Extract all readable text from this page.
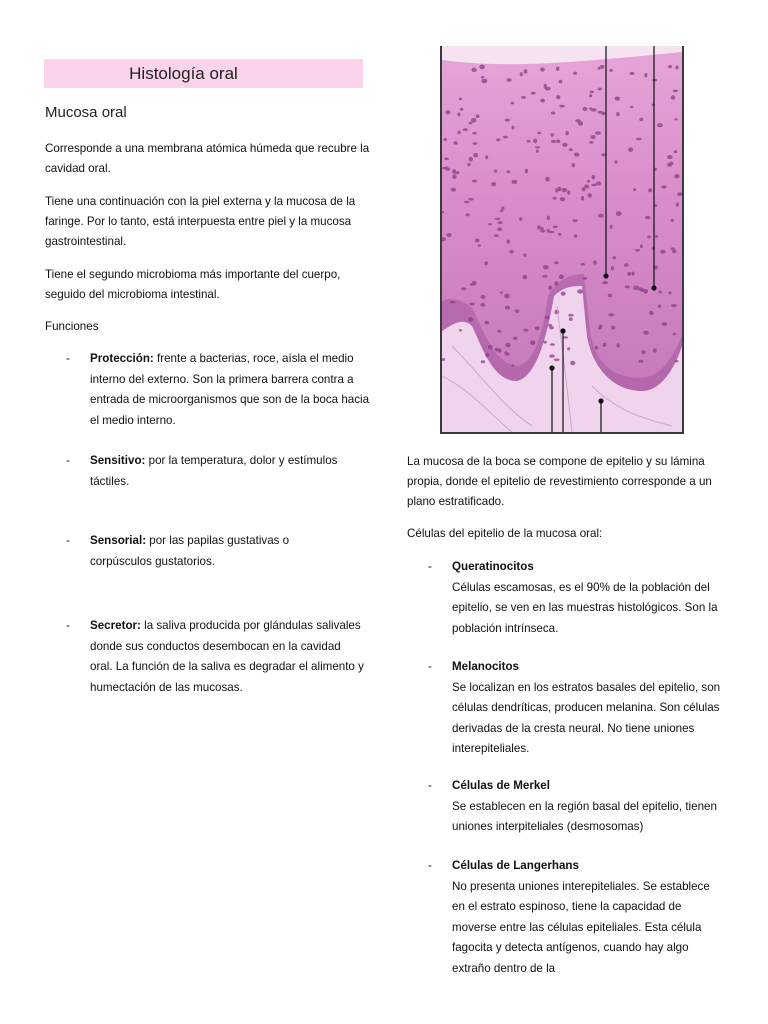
Histología oral
Mucosa oral
Corresponde a una membrana atómica húmeda que recubre la cavidad oral.
Tiene una continuación con la piel externa y la mucosa de la faringe. Por lo tanto, está interpuesta entre piel y la mucosa gastrointestinal.
Tiene el segundo microbioma más importante del cuerpo, seguido del microbioma intestinal.
Funciones
-	Protección: frente a bacterias, roce, aísla el medio interno del externo. Son la primera barrera contra a entrada de microorganismos que son de la boca hacia el medio interno.
-	Sensitivo: por la temperatura, dolor y estímulos táctiles.
-	Sensorial: por las papilas gustativas o corpúsculos gustatorios.
-	Secretor: la saliva producida por glándulas salivales donde sus conductos desembocan en la cavidad oral. La función de la saliva es degradar el alimento y humectación de las mucosas.
La mucosa de la boca se compone de epitelio y su lámina propia, donde el epitelio de revestimiento corresponde a un plano estratificado.
Células del epitelio de la mucosa oral:
-	Queratinocitos
Células escamosas, es el 90% de la población del epitelio, se ven en las muestras histológicos. Son la población intrínseca.
-	Melanocitos
Se localizan en los estratos basales del epitelio, son células dendríticas, producen melanina. Son células derivadas de la cresta neural. No tiene uniones interepiteliales.
-	Células de Merkel
Se establecen en la región basal del epitelio, tienen uniones interpiteliales (desmosomas)
-	Células de Langerhans
No presenta uniones interepiteliales. Se establece en el estrato espinoso, tiene la capacidad de moverse entre las células epiteliales. Esta célula fagocita y detecta antígenos, cuando hay algo extraño dentro de la
